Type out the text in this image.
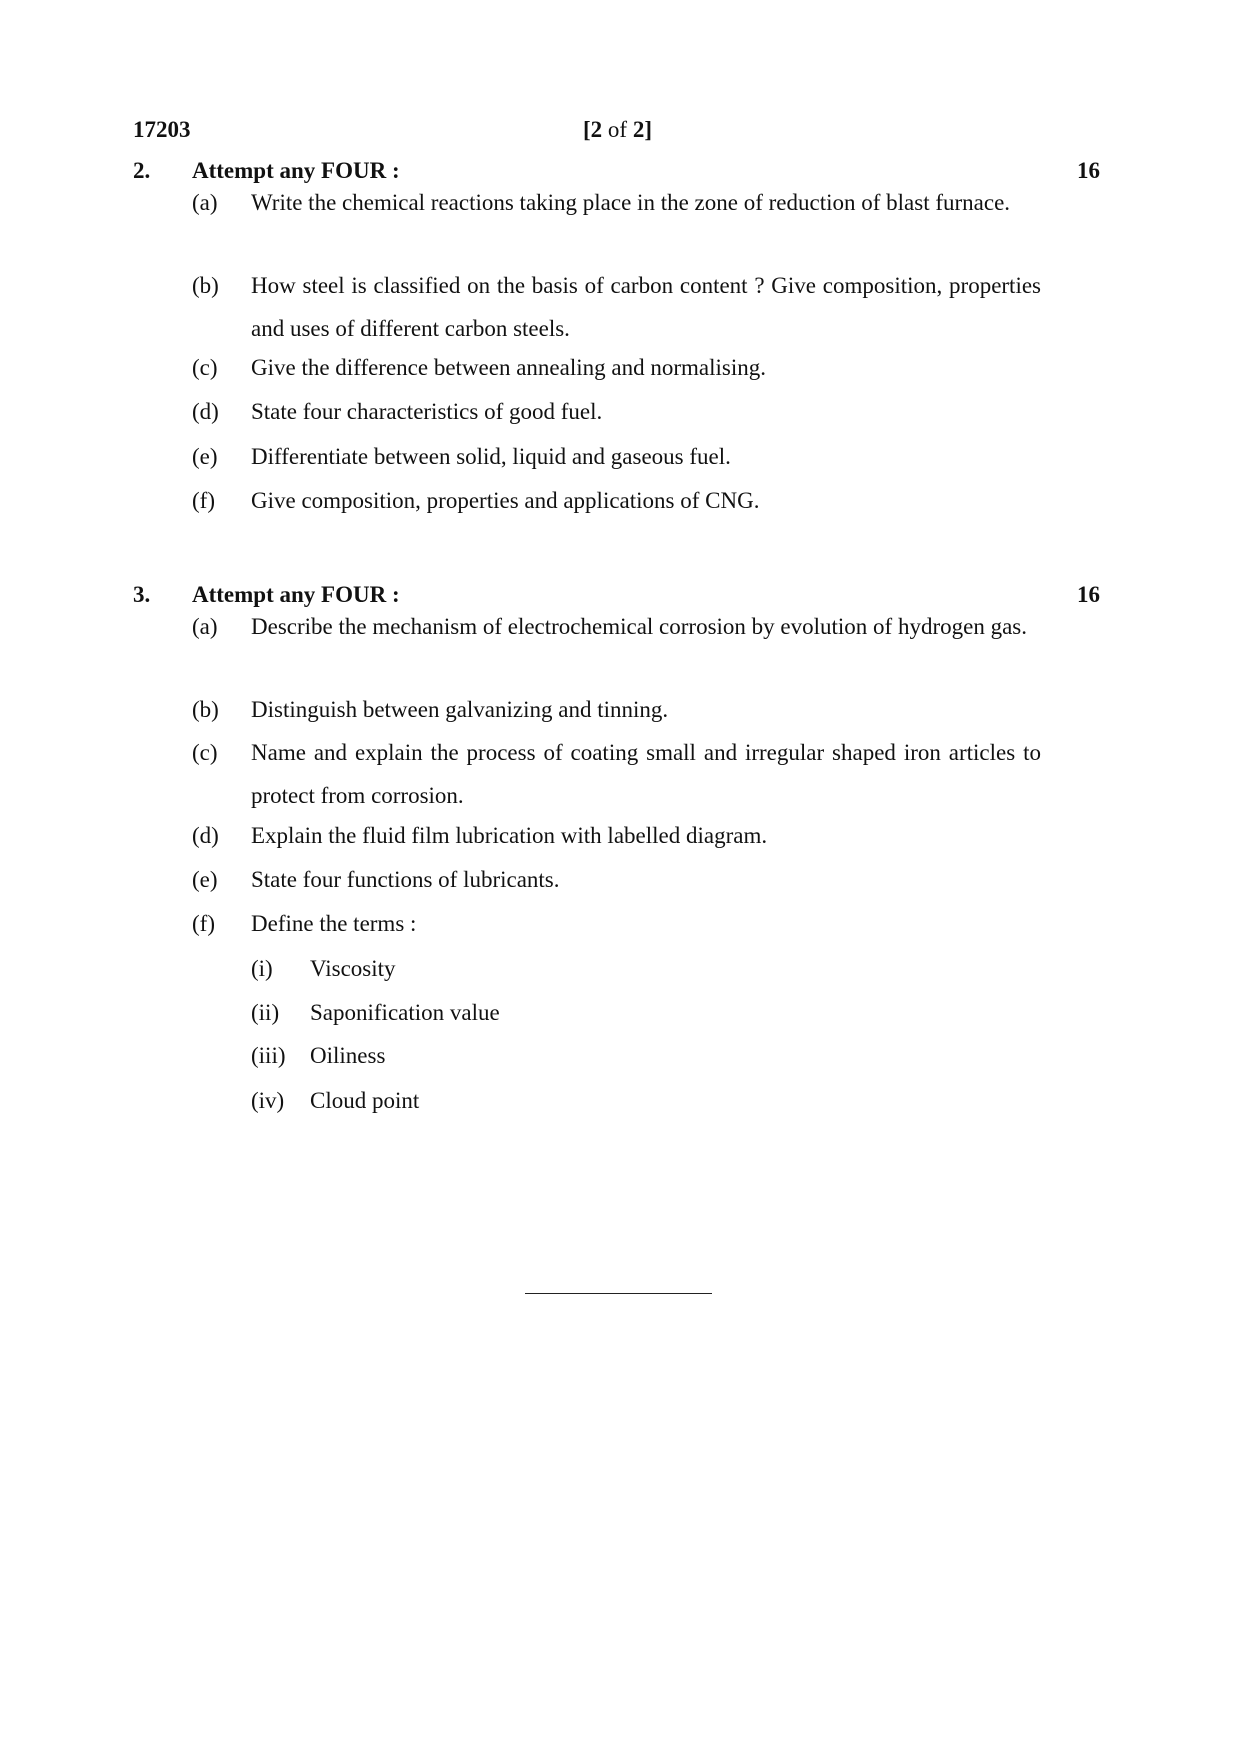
17203	[2 of 2]
2. Attempt any FOUR :	16
(a) Write the chemical reactions taking place in the zone of reduction of blast furnace.
(b) How steel is classified on the basis of carbon content ? Give composition, properties and uses of different carbon steels.
(c) Give the difference between annealing and normalising.
(d) State four characteristics of good fuel.
(e) Differentiate between solid, liquid and gaseous fuel.
(f) Give composition, properties and applications of CNG.
3. Attempt any FOUR :	16
(a) Describe the mechanism of electrochemical corrosion by evolution of hydrogen gas.
(b) Distinguish between galvanizing and tinning.
(c) Name and explain the process of coating small and irregular shaped iron articles to protect from corrosion.
(d) Explain the fluid film lubrication with labelled diagram.
(e) State four functions of lubricants.
(f) Define the terms :
(i) Viscosity
(ii) Saponification value
(iii) Oiliness
(iv) Cloud point
